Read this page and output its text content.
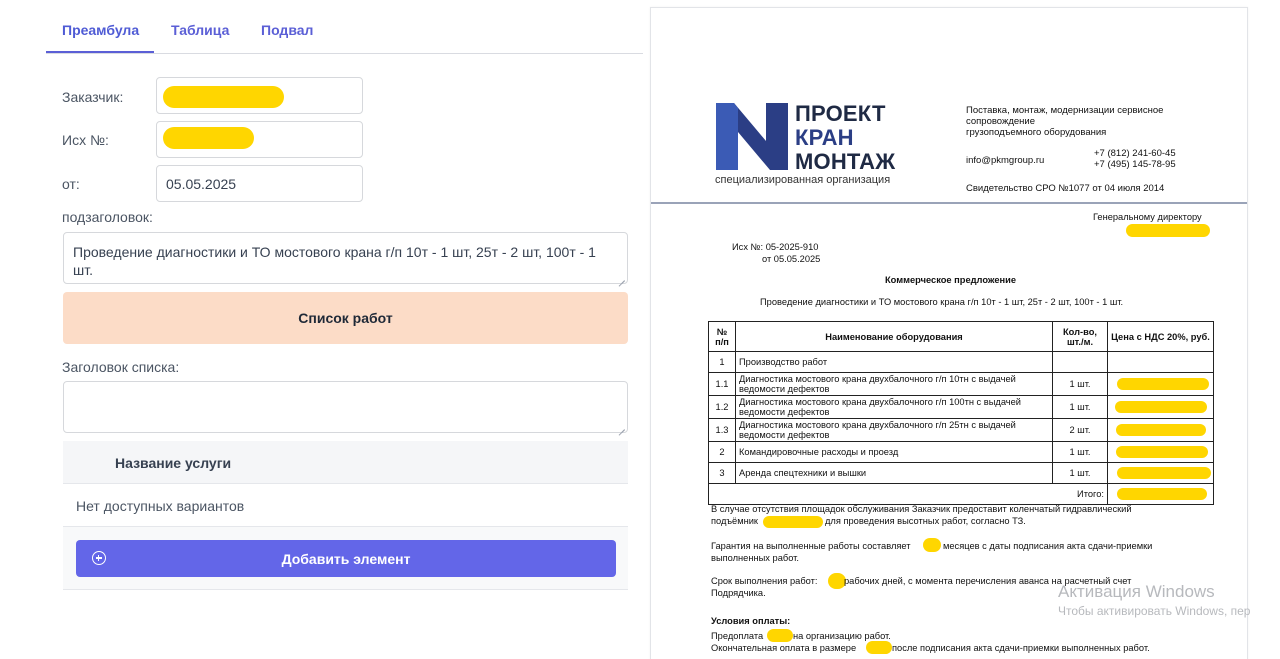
Преамбула Таблица Подвал
Заказчик:
Исх №:
от:	05.05.2025
подзаголовок:
Проведение диагностики и ТО мостового крана г/п 10т - 1 шт, 25т - 2 шт, 100т - 1 шт.
Список работ
Заголовок списка:
Название услуги
Нет доступных вариантов
Добавить элемент
ПРОЕКТ
КРАН
МОНТАЖ
специализированная организация
Поставка, монтаж, модернизации сервисное сопровождение
грузоподъемного оборудования
info@pkmgroup.ru
+7 (812) 241-60-45
+7 (495) 145-78-95
Свидетельство СРО №1077 от 04 июля 2014
Генеральному директору
Исх №: 05-2025-910
от 05.05.2025
Коммерческое предложение
Проведение диагностики и ТО мостового крана г/п 10т - 1 шт, 25т - 2 шт, 100т - 1 шт.
№ п/п	Наименование оборудования	Кол-во, шт./м.	Цена с НДС 20%, руб.
1	Производство работ		
1.1	Диагностика мостового крана двухбалочного г/п 10тн с выдачей ведомости дефектов	1 шт.	

1.2	Диагностика мостового крана двухбалочного г/п 100тн с выдачей ведомости дефектов	1 шт.	

1.3	Диагностика мостового крана двухбалочного г/п 25тн с выдачей ведомости дефектов	2 шт.	

2	Командировочные расходы и проезд	1 шт.	

3	Аренда спецтехники и вышки	1 шт.	

Итого:			
В случае отсутствия площадок обслуживания Заказчик предоставит коленчатый гидравлический
подъёмник	для проведения высотных работ, согласно ТЗ.
Гарантия на выполненные работы составляет	месяцев с даты подписания акта сдачи-приемки
выполненных работ.
Срок выполнения работ:	рабочих дней, с момента перечисления аванса на расчетный счет
Подрядчика.
Условия оплаты:
Предоплата	на организацию работ.
Окончательная оплата в размере	после подписания акта сдачи-приемки выполненных работ.
Активация Windows
Чтобы активировать Windows, пер
